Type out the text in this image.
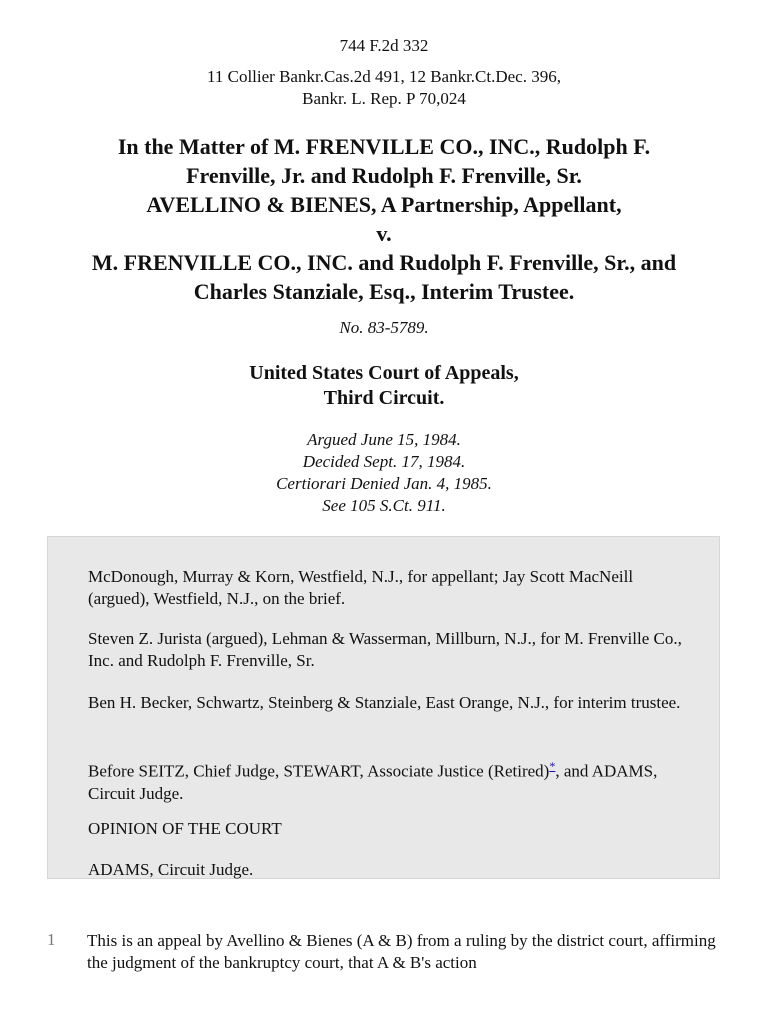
744 F.2d 332
11 Collier Bankr.Cas.2d 491, 12 Bankr.Ct.Dec. 396,
Bankr. L. Rep. P 70,024
In the Matter of M. FRENVILLE CO., INC., Rudolph F.
Frenville, Jr. and Rudolph F. Frenville, Sr.
AVELLINO & BIENES, A Partnership, Appellant,
v.
M. FRENVILLE CO., INC. and Rudolph F. Frenville, Sr., and
Charles Stanziale, Esq., Interim Trustee.
No. 83-5789.
United States Court of Appeals,
Third Circuit.
Argued June 15, 1984.
Decided Sept. 17, 1984.
Certiorari Denied Jan. 4, 1985.
See 105 S.Ct. 911.

McDonough, Murray & Korn, Westfield, N.J., for appellant; Jay Scott MacNeill (argued), Westfield, N.J., on the brief.

Steven Z. Jurista (argued), Lehman & Wasserman, Millburn, N.J., for M. Frenville Co., Inc. and Rudolph F. Frenville, Sr.

Ben H. Becker, Schwartz, Steinberg & Stanziale, East Orange, N.J., for interim trustee.

Before SEITZ, Chief Judge, STEWART, Associate Justice (Retired)*, and ADAMS, Circuit Judge.

OPINION OF THE COURT

ADAMS, Circuit Judge.

1 This is an appeal by Avellino & Bienes (A & B) from a ruling by the district court, affirming the judgment of the bankruptcy court, that A & B's action
